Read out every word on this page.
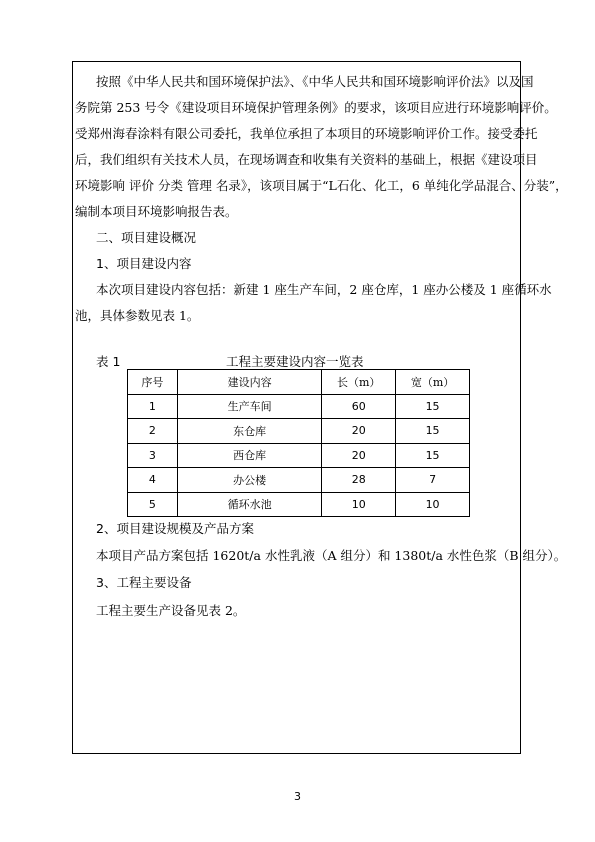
按照《中华人民共和国环境保护法》、《中华人民共和国环境影响评价法》以及国
务院第 253 号令《建设项目环境保护管理条例》的要求，该项目应进行环境影响评价。
受郑州海春涂料有限公司委托，我单位承担了本项目的环境影响评价工作。接受委托
后，我们组织有关技术人员，在现场调查和收集有关资料的基础上，根据《建设项目
环境影响 评价 分类 管理 名录》，该项目属于“L石化、化工，6 单纯化学品混合、分装”，
编制本项目环境影响报告表。
二、项目建设概况
1、项目建设内容
本次项目建设内容包括：新建 1 座生产车间，2 座仓库，1 座办公楼及 1 座循环水
池，具体参数见表 1。
表 1	工程主要建设内容一览表
序号	建设内容	长（m）	宽（m）
1	生产车间	60	15
2	东仓库	20	15
3	西仓库	20	15
4	办公楼	28	7
5	循环水池	10	10
2、项目建设规模及产品方案
本项目产品方案包括 1620t/a 水性乳液（A 组分）和 1380t/a 水性色浆（B 组分）。
3、工程主要设备
工程主要生产设备见表 2。
3
